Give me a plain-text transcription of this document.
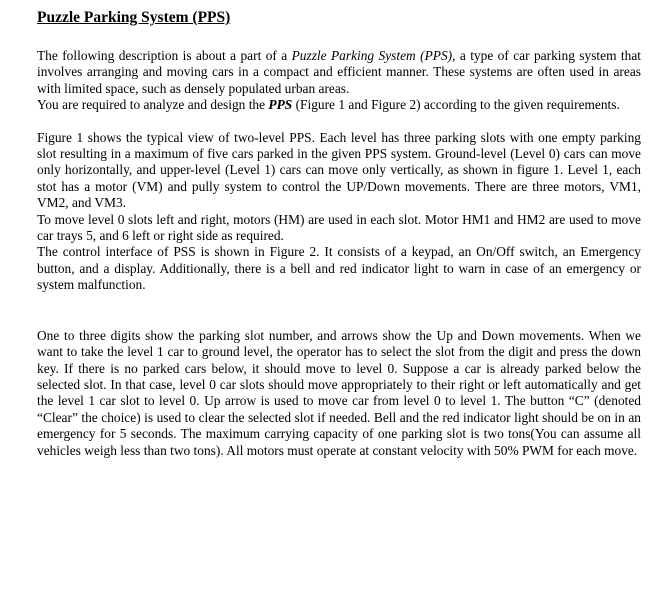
Puzzle Parking System (PPS)

The following description is about a part of a Puzzle Parking System (PPS), a type of car parking system that involves arranging and moving cars in a compact and efficient manner. These systems are often used in areas with limited space, such as densely populated urban areas.

You are required to analyze and design the PPS (Figure 1 and Figure 2) according to the given requirements.

Figure 1 shows the typical view of two-level PPS. Each level has three parking slots with one empty parking slot resulting in a maximum of five cars parked in the given PPS system. Ground-level (Level 0) cars can move only horizontally, and upper-level (Level 1) cars can move only vertically, as shown in figure 1. Level 1, each stot has a motor (VM) and pully system to control the UP/Down movements. There are three motors, VM1, VM2, and VM3.

To move level 0 slots left and right, motors (HM) are used in each slot. Motor HM1 and HM2 are used to move car trays 5, and 6 left or right side as required.

The control interface of PSS is shown in Figure 2. It consists of a keypad, an On/Off switch, an Emergency button, and a display. Additionally, there is a bell and red indicator light to warn in case of an emergency or system malfunction.

One to three digits show the parking slot number, and arrows show the Up and Down movements. When we want to take the level 1 car to ground level, the operator has to select the slot from the digit and press the down key. If there is no parked cars below, it should move to level 0. Suppose a car is already parked below the selected slot. In that case, level 0 car slots should move appropriately to their right or left automatically and get the level 1 car slot to level 0. Up arrow is used to move car from level 0 to level 1. The button “C” (denoted “Clear” the choice) is used to clear the selected slot if needed. Bell and the red indicator light should be on in an emergency for 5 seconds. The maximum carrying capacity of one parking slot is two tons(You can assume all vehicles weigh less than two tons). All motors must operate at constant velocity with 50% PWM for each move.
